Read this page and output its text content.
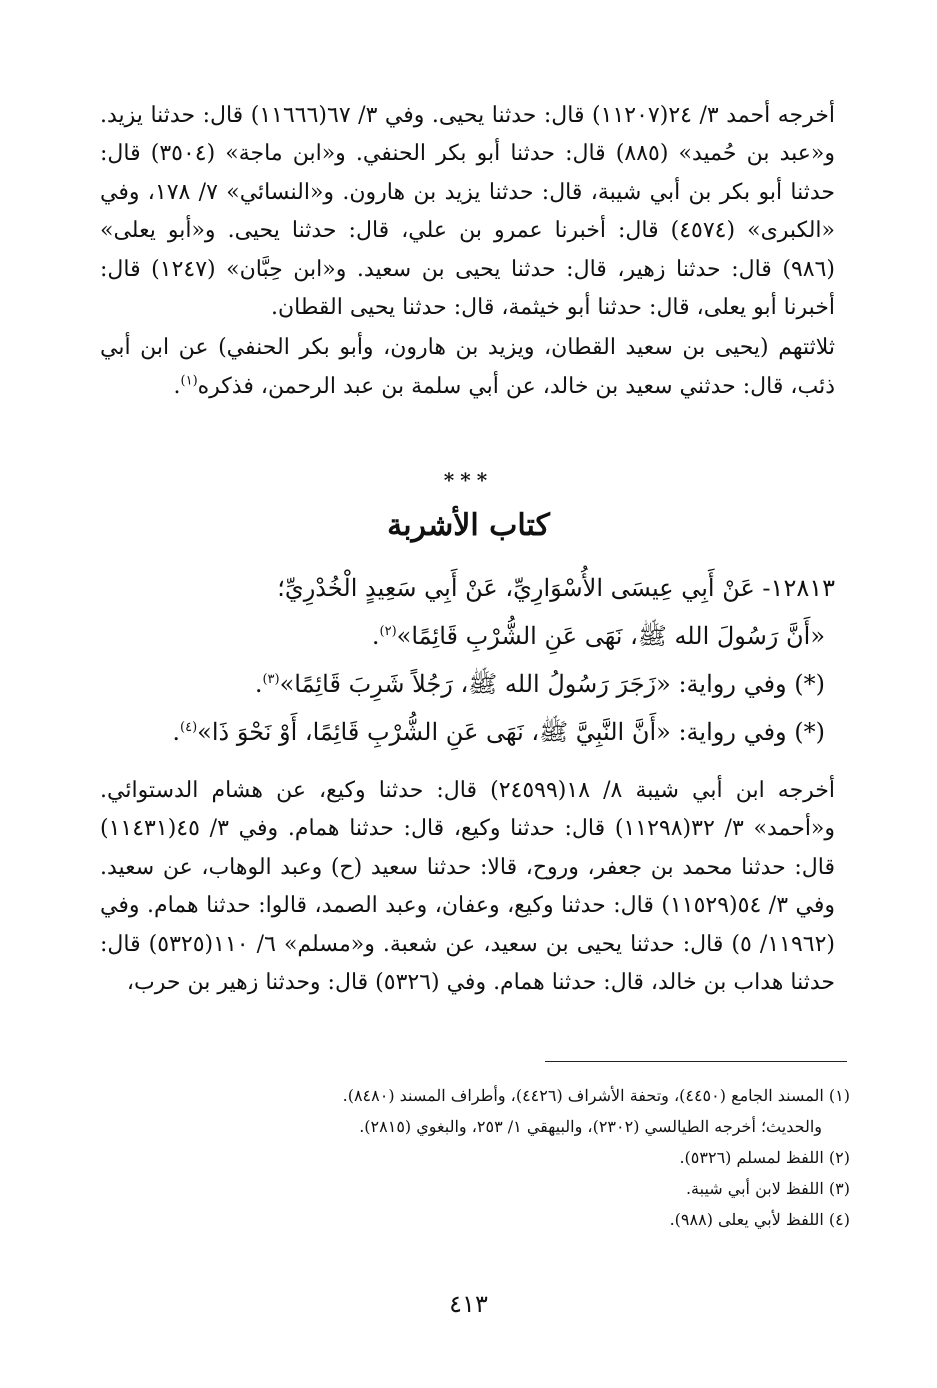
أخرجه أحمد ٣/ ٢٤(١١٢٠٧) قال: حدثنا يحيى. وفي ٣/ ٦٧(١١٦٦٦) قال: حدثنا يزيد. و«عبد بن حُميد» (٨٨٥) قال: حدثنا أبو بكر الحنفي. و«ابن ماجة» (٣٥٠٤) قال: حدثنا أبو بكر بن أبي شيبة، قال: حدثنا يزيد بن هارون. و«النسائي» ٧/ ١٧٨، وفي «الكبرى» (٤٥٧٤) قال: أخبرنا عمرو بن علي، قال: حدثنا يحيى. و«أبو يعلى» (٩٨٦) قال: حدثنا زهير، قال: حدثنا يحيى بن سعيد. و«ابن حِبَّان» (١٢٤٧) قال: أخبرنا أبو يعلى، قال: حدثنا أبو خيثمة، قال: حدثنا يحيى القطان.

ثلاثتهم (يحيى بن سعيد القطان، ويزيد بن هارون، وأبو بكر الحنفي) عن ابن أبي ذئب، قال: حدثني سعيد بن خالد، عن أبي سلمة بن عبد الرحمن، فذكره$^{(١)}$.

***
كتاب الأشربة

١٢٨١٣- عَنْ أَبِي عِيسَى الأُسْوَارِيِّ، عَنْ أَبِي سَعِيدٍ الْخُدْرِيِّ؛

«أَنَّ رَسُولَ الله ﷺ، نَهَى عَنِ الشُّرْبِ قَائِمًا»$^{(٢)}$.

(*) وفي رواية: «زَجَرَ رَسُولُ الله ﷺ، رَجُلاً شَرِبَ قَائِمًا»$^{(٣)}$.

(*) وفي رواية: «أَنَّ النَّبِيَّ ﷺ، نَهَى عَنِ الشُّرْبِ قَائِمًا، أَوْ نَحْوَ ذَا»$^{(٤)}$.

أخرجه ابن أبي شيبة ٨/ ١٨(٢٤٥٩٩) قال: حدثنا وكيع، عن هشام الدستوائي. و«أحمد» ٣/ ٣٢(١١٢٩٨) قال: حدثنا وكيع، قال: حدثنا همام. وفي ٣/ ٤٥(١١٤٣١) قال: حدثنا محمد بن جعفر، وروح، قالا: حدثنا سعيد (ح) وعبد الوهاب، عن سعيد. وفي ٣/ ٥٤(١١٥٢٩) قال: حدثنا وكيع، وعفان، وعبد الصمد، قالوا: حدثنا همام. وفي (١١٩٦٢/ ٥) قال: حدثنا يحيى بن سعيد، عن شعبة. و«مسلم» ٦/ ١١٠(٥٣٢٥) قال: حدثنا هداب بن خالد، قال: حدثنا همام. وفي (٥٣٢٦) قال: وحدثنا زهير بن حرب،

(١) المسند الجامع (٤٤٥٠)، وتحفة الأشراف (٤٤٢٦)، وأطراف المسند (٨٤٨٠).

والحديث؛ أخرجه الطيالسي (٢٣٠٢)، والبيهقي ١/ ٢٥٣، والبغوي (٢٨١٥).

(٢) اللفظ لمسلم (٥٣٢٦).

(٣) اللفظ لابن أبي شيبة.

(٤) اللفظ لأبي يعلى (٩٨٨).

٤١٣
